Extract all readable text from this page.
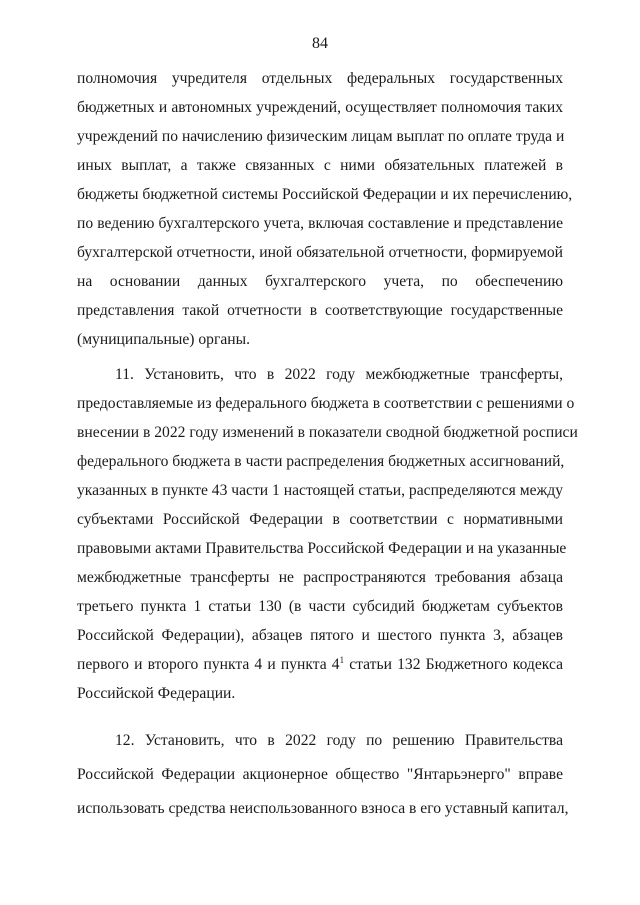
84
полномочия учредителя отдельных федеральных государственных
бюджетных и автономных учреждений, осуществляет полномочия таких
учреждений по начислению физическим лицам выплат по оплате труда и
иных выплат, а также связанных с ними обязательных платежей в
бюджеты бюджетной системы Российской Федерации и их перечислению,
по ведению бухгалтерского учета, включая составление и представление
бухгалтерской отчетности, иной обязательной отчетности, формируемой
на основании данных бухгалтерского учета, по обеспечению
представления такой отчетности в соответствующие государственные
(муниципальные) органы.
11. Установить, что в 2022 году межбюджетные трансферты,
предоставляемые из федерального бюджета в соответствии с решениями о
внесении в 2022 году изменений в показатели сводной бюджетной росписи
федерального бюджета в части распределения бюджетных ассигнований,
указанных в пункте 43 части 1 настоящей статьи, распределяются между
субъектами Российской Федерации в соответствии с нормативными
правовыми актами Правительства Российской Федерации и на указанные
межбюджетные трансферты не распространяются требования абзаца
третьего пункта 1 статьи 130 (в части субсидий бюджетам субъектов
Российской Федерации), абзацев пятого и шестого пункта 3, абзацев
первого и второго пункта 4 и пункта $4^1$ статьи 132 Бюджетного кодекса
Российской Федерации.
12. Установить, что в 2022 году по решению Правительства
Российской Федерации акционерное общество "Янтарьэнерго" вправе
использовать средства неиспользованного взноса в его уставный капитал,
